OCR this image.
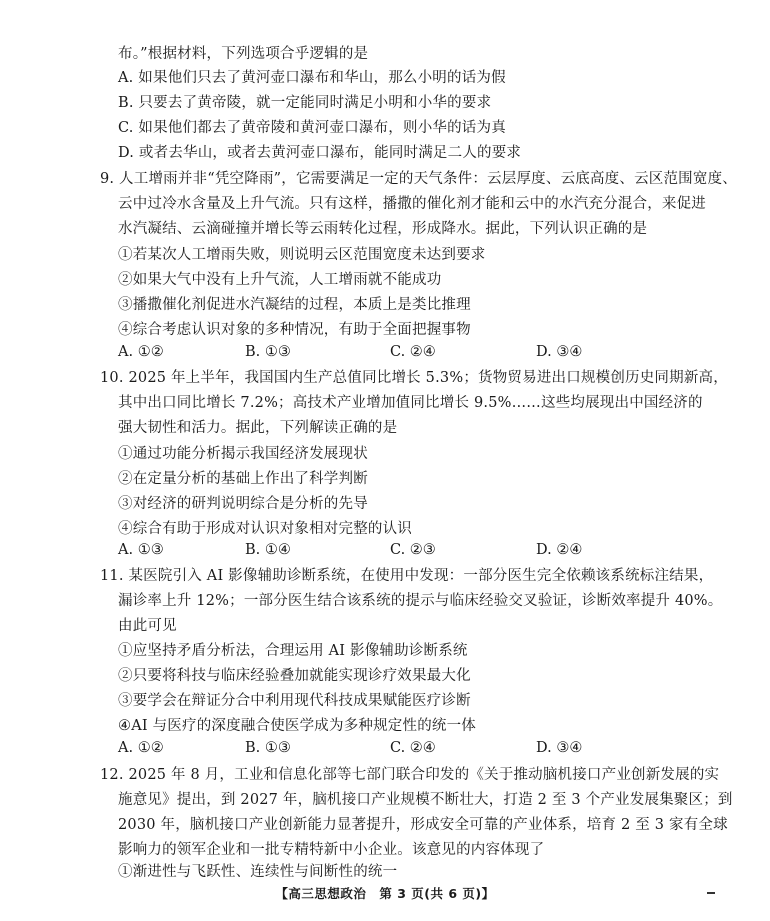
布。”根据材料，下列选项合乎逻辑的是
A. 如果他们只去了黄河壶口瀑布和华山，那么小明的话为假
B. 只要去了黄帝陵，就一定能同时满足小明和小华的要求
C. 如果他们都去了黄帝陵和黄河壶口瀑布，则小华的话为真
D. 或者去华山，或者去黄河壶口瀑布，能同时满足二人的要求
9. 人工增雨并非“凭空降雨”，它需要满足一定的天气条件：云层厚度、云底高度、云区范围宽度、
云中过冷水含量及上升气流。只有这样，播撒的催化剂才能和云中的水汽充分混合，来促进
水汽凝结、云滴碰撞并增长等云雨转化过程，形成降水。据此，下列认识正确的是
①若某次人工增雨失败，则说明云区范围宽度未达到要求
②如果大气中没有上升气流，人工增雨就不能成功
③播撒催化剂促进水汽凝结的过程，本质上是类比推理
④综合考虑认识对象的多种情况，有助于全面把握事物
A. ①②	B. ①③	C. ②④	D. ③④
10. 2025 年上半年，我国国内生产总值同比增长 5.3%；货物贸易进出口规模创历史同期新高，
其中出口同比增长 7.2%；高技术产业增加值同比增长 9.5%……这些均展现出中国经济的
强大韧性和活力。据此，下列解读正确的是
①通过功能分析揭示我国经济发展现状
②在定量分析的基础上作出了科学判断
③对经济的研判说明综合是分析的先导
④综合有助于形成对认识对象相对完整的认识
A. ①③	B. ①④	C. ②③	D. ②④
11. 某医院引入 AI 影像辅助诊断系统，在使用中发现：一部分医生完全依赖该系统标注结果，
漏诊率上升 12%；一部分医生结合该系统的提示与临床经验交叉验证，诊断效率提升 40%。
由此可见
①应坚持矛盾分析法，合理运用 AI 影像辅助诊断系统
②只要将科技与临床经验叠加就能实现诊疗效果最大化
③要学会在辩证分合中利用现代科技成果赋能医疗诊断
④AI 与医疗的深度融合使医学成为多种规定性的统一体
A. ①②	B. ①③	C. ②④	D. ③④
12. 2025 年 8 月，工业和信息化部等七部门联合印发的《关于推动脑机接口产业创新发展的实
施意见》提出，到 2027 年，脑机接口产业规模不断壮大，打造 2 至 3 个产业发展集聚区；到
2030 年，脑机接口产业创新能力显著提升，形成安全可靠的产业体系，培育 2 至 3 家有全球
影响力的领军企业和一批专精特新中小企业。该意见的内容体现了
①渐进性与飞跃性、连续性与间断性的统一
【高三思想政治　第 3 页(共 6 页)】
